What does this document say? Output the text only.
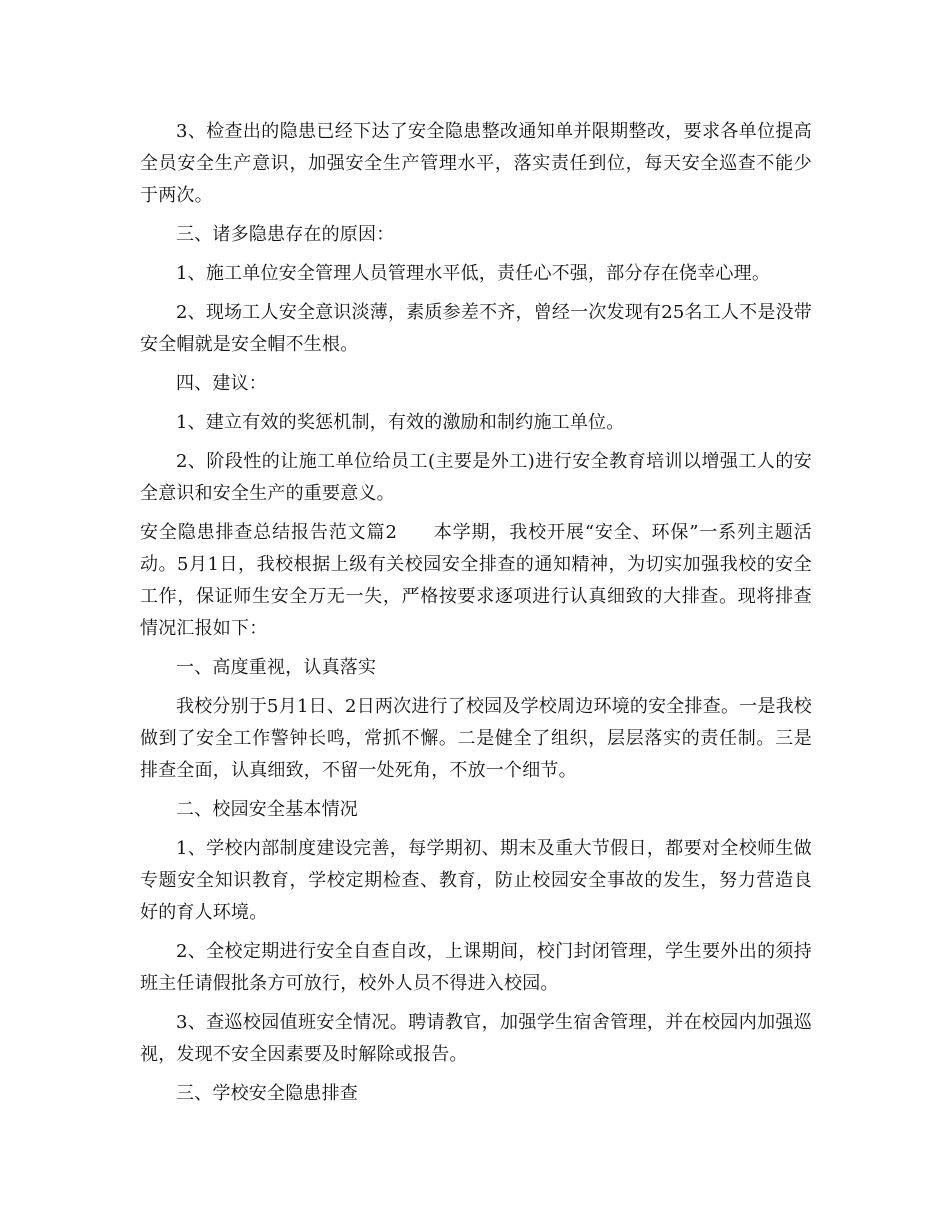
3、检查出的隐患已经下达了安全隐患整改通知单并限期整改，要求各单位提高全员安全生产意识，加强安全生产管理水平，落实责任到位，每天安全巡查不能少于两次。

三、诸多隐患存在的原因：

1、施工单位安全管理人员管理水平低，责任心不强，部分存在侥幸心理。

2、现场工人安全意识淡薄，素质参差不齐，曾经一次发现有25名工人不是没带安全帽就是安全帽不生根。

四、建议：

1、建立有效的奖惩机制，有效的激励和制约施工单位。

2、阶段性的让施工单位给员工(主要是外工)进行安全教育培训以增强工人的安全意识和安全生产的重要意义。

安全隐患排查总结报告范文篇2 本学期，我校开展“安全、环保”一系列主题活动。5月1日，我校根据上级有关校园安全排查的通知精神，为切实加强我校的安全工作，保证师生安全万无一失，严格按要求逐项进行认真细致的大排查。现将排查情况汇报如下：

一、高度重视，认真落实

我校分别于5月1日、2日两次进行了校园及学校周边环境的安全排查。一是我校做到了安全工作警钟长鸣，常抓不懈。二是健全了组织，层层落实的责任制。三是排查全面，认真细致，不留一处死角，不放一个细节。

二、校园安全基本情况

1、学校内部制度建设完善，每学期初、期末及重大节假日，都要对全校师生做专题安全知识教育，学校定期检查、教育，防止校园安全事故的发生，努力营造良好的育人环境。

2、全校定期进行安全自查自改，上课期间，校门封闭管理，学生要外出的须持班主任请假批条方可放行，校外人员不得进入校园。

3、查巡校园值班安全情况。聘请教官，加强学生宿舍管理，并在校园内加强巡视，发现不安全因素要及时解除或报告。

三、学校安全隐患排查
